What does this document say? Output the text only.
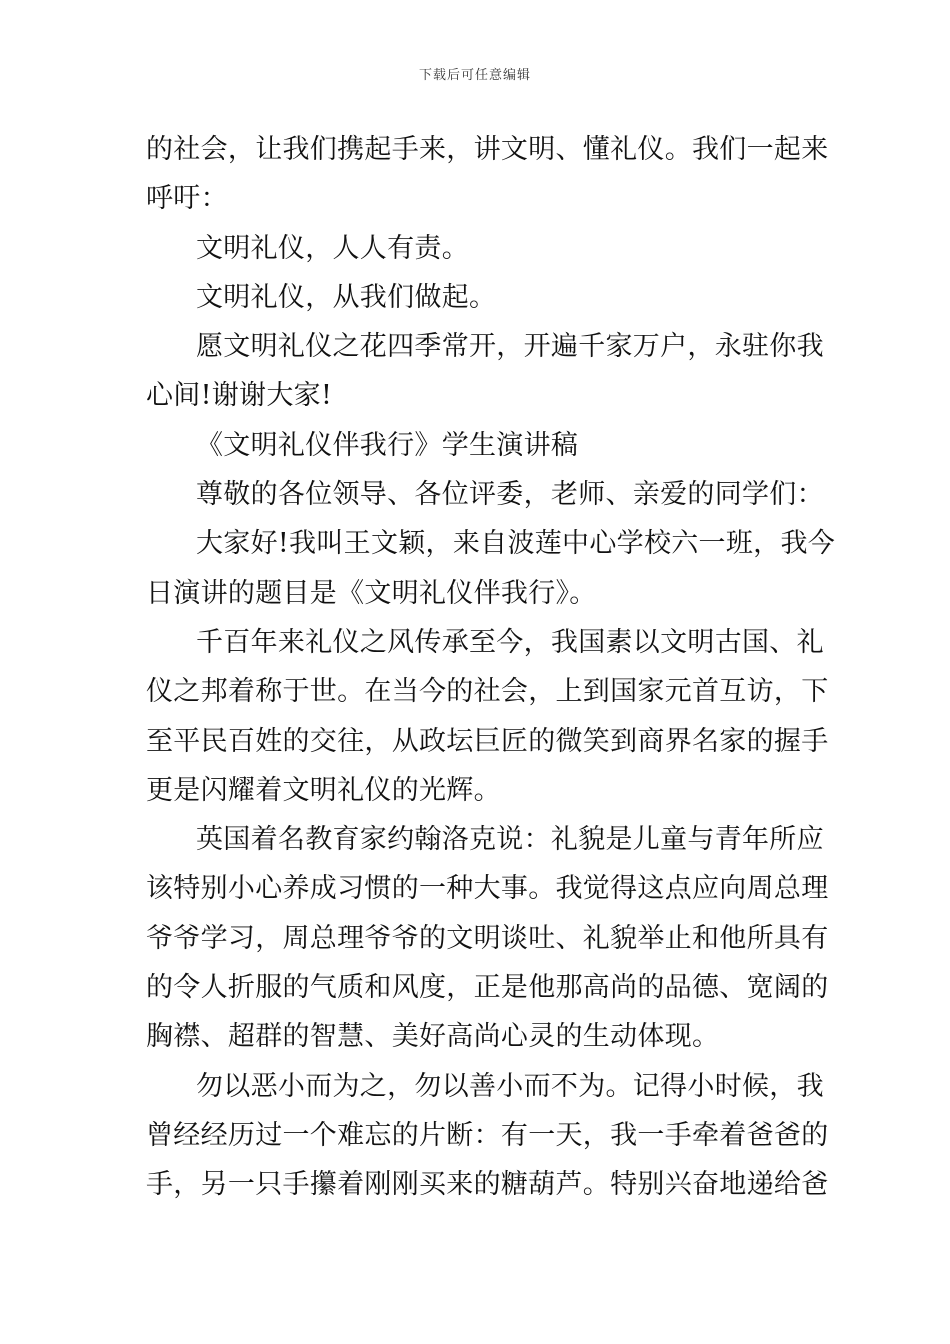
下载后可任意编辑
的社会，让我们携起手来，讲文明、懂礼仪。我们一起来
呼吁：
文明礼仪，人人有责。
文明礼仪，从我们做起。
愿文明礼仪之花四季常开，开遍千家万户，永驻你我
心间!谢谢大家!
《文明礼仪伴我行》学生演讲稿
尊敬的各位领导、各位评委，老师、亲爱的同学们：
大家好!我叫王文颖，来自波莲中心学校六一班，我今
日演讲的题目是《文明礼仪伴我行》。
千百年来礼仪之风传承至今，我国素以文明古国、礼
仪之邦着称于世。在当今的社会，上到国家元首互访，下
至平民百姓的交往，从政坛巨匠的微笑到商界名家的握手
更是闪耀着文明礼仪的光辉。
英国着名教育家约翰洛克说：礼貌是儿童与青年所应
该特别小心养成习惯的一种大事。我觉得这点应向周总理
爷爷学习，周总理爷爷的文明谈吐、礼貌举止和他所具有
的令人折服的气质和风度，正是他那高尚的品德、宽阔的
胸襟、超群的智慧、美好高尚心灵的生动体现。
勿以恶小而为之，勿以善小而不为。记得小时候，我
曾经经历过一个难忘的片断：有一天，我一手牵着爸爸的
手，另一只手攥着刚刚买来的糖葫芦。特别兴奋地递给爸
